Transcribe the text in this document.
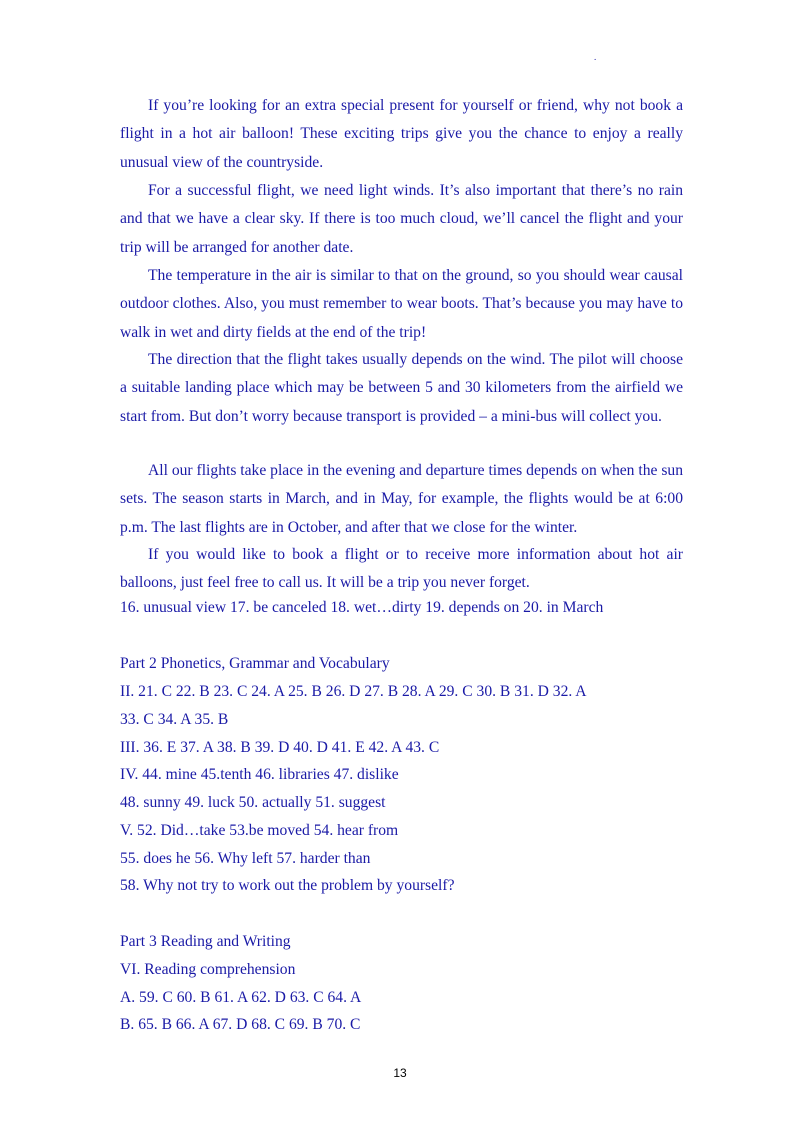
.

If you’re looking for an extra special present for yourself or friend, why not book a flight in a hot air balloon! These exciting trips give you the chance to enjoy a really unusual view of the countryside.

For a successful flight, we need light winds. It’s also important that there’s no rain and that we have a clear sky. If there is too much cloud, we’ll cancel the flight and your trip will be arranged for another date.

The temperature in the air is similar to that on the ground, so you should wear causal outdoor clothes. Also, you must remember to wear boots. That’s because you may have to walk in wet and dirty fields at the end of the trip!

The direction that the flight takes usually depends on the wind. The pilot will choose a suitable landing place which may be between 5 and 30 kilometers from the airfield we start from. But don’t worry because transport is provided – a mini-bus will collect you.

All our flights take place in the evening and departure times depends on when the sun sets. The season starts in March, and in May, for example, the flights would be at 6:00 p.m. The last flights are in October, and after that we close for the winter.

If you would like to book a flight or to receive more information about hot air balloons, just feel free to call us. It will be a trip you never forget.

16. unusual view 17. be canceled 18. wet…dirty 19. depends on 20. in March

Part 2 Phonetics, Grammar and Vocabulary

II. 21. C 22. B 23. C 24. A 25. B 26. D 27. B 28. A 29. C 30. B 31. D 32. A

33. C 34. A 35. B

III. 36. E 37. A 38. B 39. D 40. D 41. E 42. A 43. C

IV. 44. mine 45.tenth 46. libraries 47. dislike

48. sunny 49. luck 50. actually 51. suggest

V. 52. Did…take 53.be moved 54. hear from

55. does he 56. Why left 57. harder than

58. Why not try to work out the problem by yourself?

Part 3 Reading and Writing

VI. Reading comprehension

A. 59. C 60. B 61. A 62. D 63. C 64. A

B. 65. B 66. A 67. D 68. C 69. B 70. C

13
